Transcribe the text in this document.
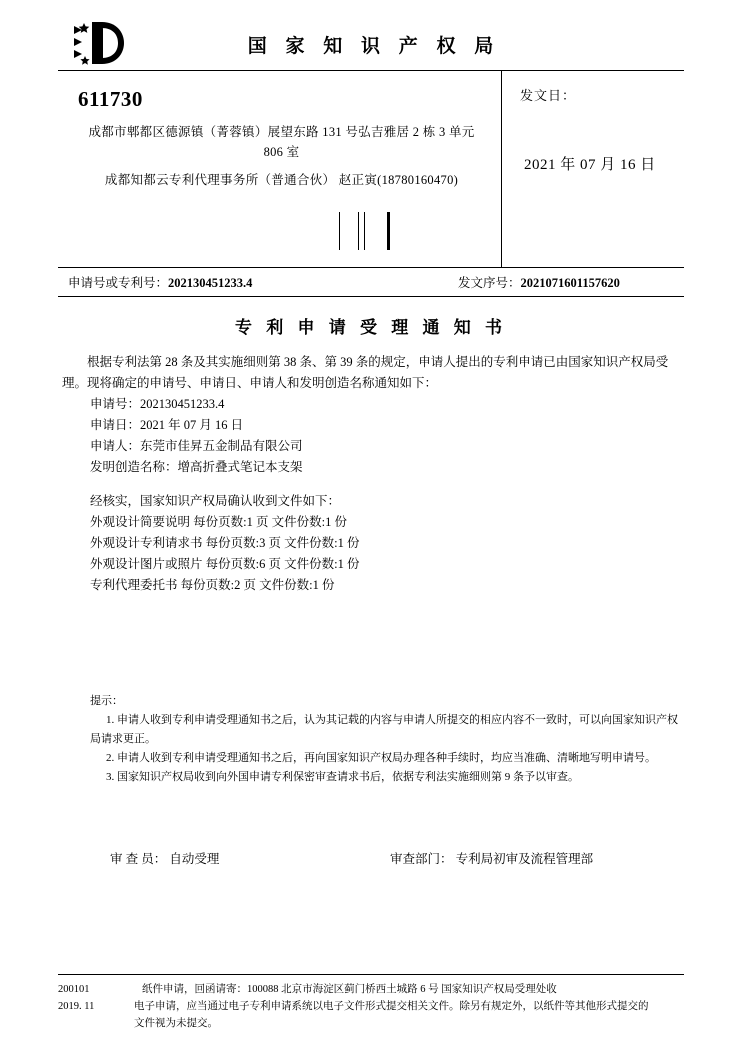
国 家 知 识 产 权 局
611730
成都市郫都区德源镇（菁蓉镇）展望东路 131 号弘吉雅居 2 栋 3 单元
806 室
成都知都云专利代理事务所（普通合伙） 赵正寅(18780160470)
发文日：
2021 年 07 月 16 日
申请号或专利号：202130451233.4	发文序号：2021071601157620
专 利 申 请 受 理 通 知 书
根据专利法第 28 条及其实施细则第 38 条、第 39 条的规定，申请人提出的专利申请已由国家知识产权局受理。现将确定的申请号、申请日、申请人和发明创造名称通知如下：
申请号：202130451233.4
申请日：2021 年 07 月 16 日
申请人：东莞市佳昇五金制品有限公司
发明创造名称：增高折叠式笔记本支架
经核实，国家知识产权局确认收到文件如下：
外观设计简要说明 每份页数:1 页 文件份数:1 份
外观设计专利请求书 每份页数:3 页 文件份数:1 份
外观设计图片或照片 每份页数:6 页 文件份数:1 份
专利代理委托书 每份页数:2 页 文件份数:1 份
提示：
1. 申请人收到专利申请受理通知书之后，认为其记载的内容与申请人所提交的相应内容不一致时，可以向国家知识产权局请求更正。
2. 申请人收到专利申请受理通知书之后，再向国家知识产权局办理各种手续时，均应当准确、清晰地写明申请号。
3. 国家知识产权局收到向外国申请专利保密审查请求书后，依据专利法实施细则第 9 条予以审查。
审 查 员： 自动受理	审查部门： 专利局初审及流程管理部
200101
2019. 11
纸件申请，回函请寄：100088 北京市海淀区蓟门桥西土城路 6 号 国家知识产权局受理处收
电子申请，应当通过电子专利申请系统以电子文件形式提交相关文件。除另有规定外，以纸件等其他形式提交的
文件视为未提交。
